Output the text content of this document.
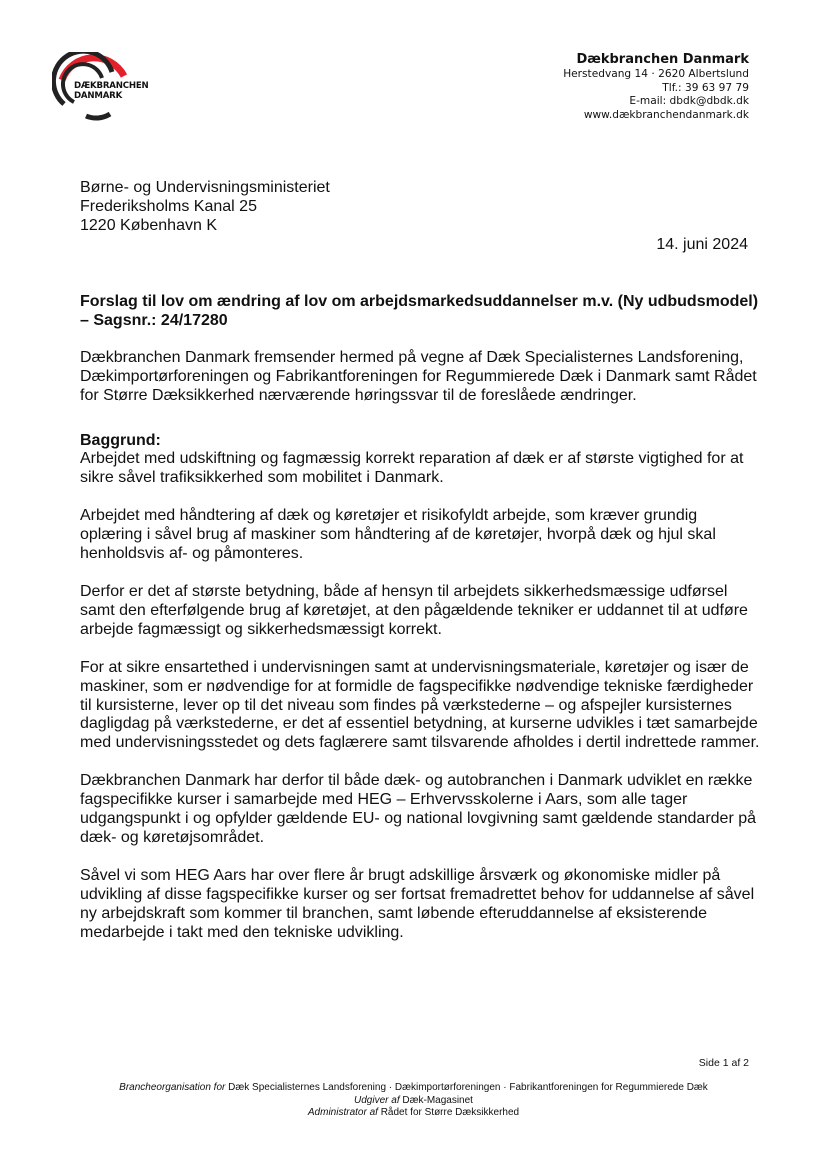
DÆKBRANCHEN
DANMARK
Dækbranchen Danmark
Herstedvang 14 · 2620 Albertslund
Tlf.: 39 63 97 79
E-mail: dbdk@dbdk.dk
www.dækbranchendanmark.dk
Børne- og Undervisningsministeriet
Frederiksholms Kanal 25
1220 København K
14. juni 2024

Forslag til lov om ændring af lov om arbejdsmarkedsuddannelser m.v. (Ny udbudsmodel) – Sagsnr.: 24/17280

Dækbranchen Danmark fremsender hermed på vegne af Dæk Specialisternes Landsforening, Dækimportørforeningen og Fabrikantforeningen for Regummierede Dæk i Danmark samt Rådet for Større Dæksikkerhed nærværende høringssvar til de foreslåede ændringer.

Baggrund:

Arbejdet med udskiftning og fagmæssig korrekt reparation af dæk er af største vigtighed for at sikre såvel trafiksikkerhed som mobilitet i Danmark.

Arbejdet med håndtering af dæk og køretøjer et risikofyldt arbejde, som kræver grundig oplæring i såvel brug af maskiner som håndtering af de køretøjer, hvorpå dæk og hjul skal henholdsvis af- og påmonteres.

Derfor er det af største betydning, både af hensyn til arbejdets sikkerhedsmæssige udførsel samt den efterfølgende brug af køretøjet, at den pågældende tekniker er uddannet til at udføre arbejde fagmæssigt og sikkerhedsmæssigt korrekt.

For at sikre ensartethed i undervisningen samt at undervisningsmateriale, køretøjer og især de maskiner, som er nødvendige for at formidle de fagspecifikke nødvendige tekniske færdigheder til kursisterne, lever op til det niveau som findes på værkstederne – og afspejler kursisternes dagligdag på værkstederne, er det af essentiel betydning, at kurserne udvikles i tæt samarbejde med undervisningsstedet og dets faglærere samt tilsvarende afholdes i dertil indrettede rammer.

Dækbranchen Danmark har derfor til både dæk- og autobranchen i Danmark udviklet en række fagspecifikke kurser i samarbejde med HEG – Erhvervsskolerne i Aars, som alle tager udgangspunkt i og opfylder gældende EU- og national lovgivning samt gældende standarder på dæk- og køretøjsområdet.

Såvel vi som HEG Aars har over flere år brugt adskillige årsværk og økonomiske midler på udvikling af disse fagspecifikke kurser og ser fortsat fremadrettet behov for uddannelse af såvel ny arbejdskraft som kommer til branchen, samt løbende efteruddannelse af eksisterende medarbejde i takt med den tekniske udvikling.

Side 1 af 2
Brancheorganisation for Dæk Specialisternes Landsforening · Dækimportørforeningen · Fabrikantforeningen for Regummierede Dæk
Udgiver af Dæk-Magasinet
Administrator af Rådet for Større Dæksikkerhed
